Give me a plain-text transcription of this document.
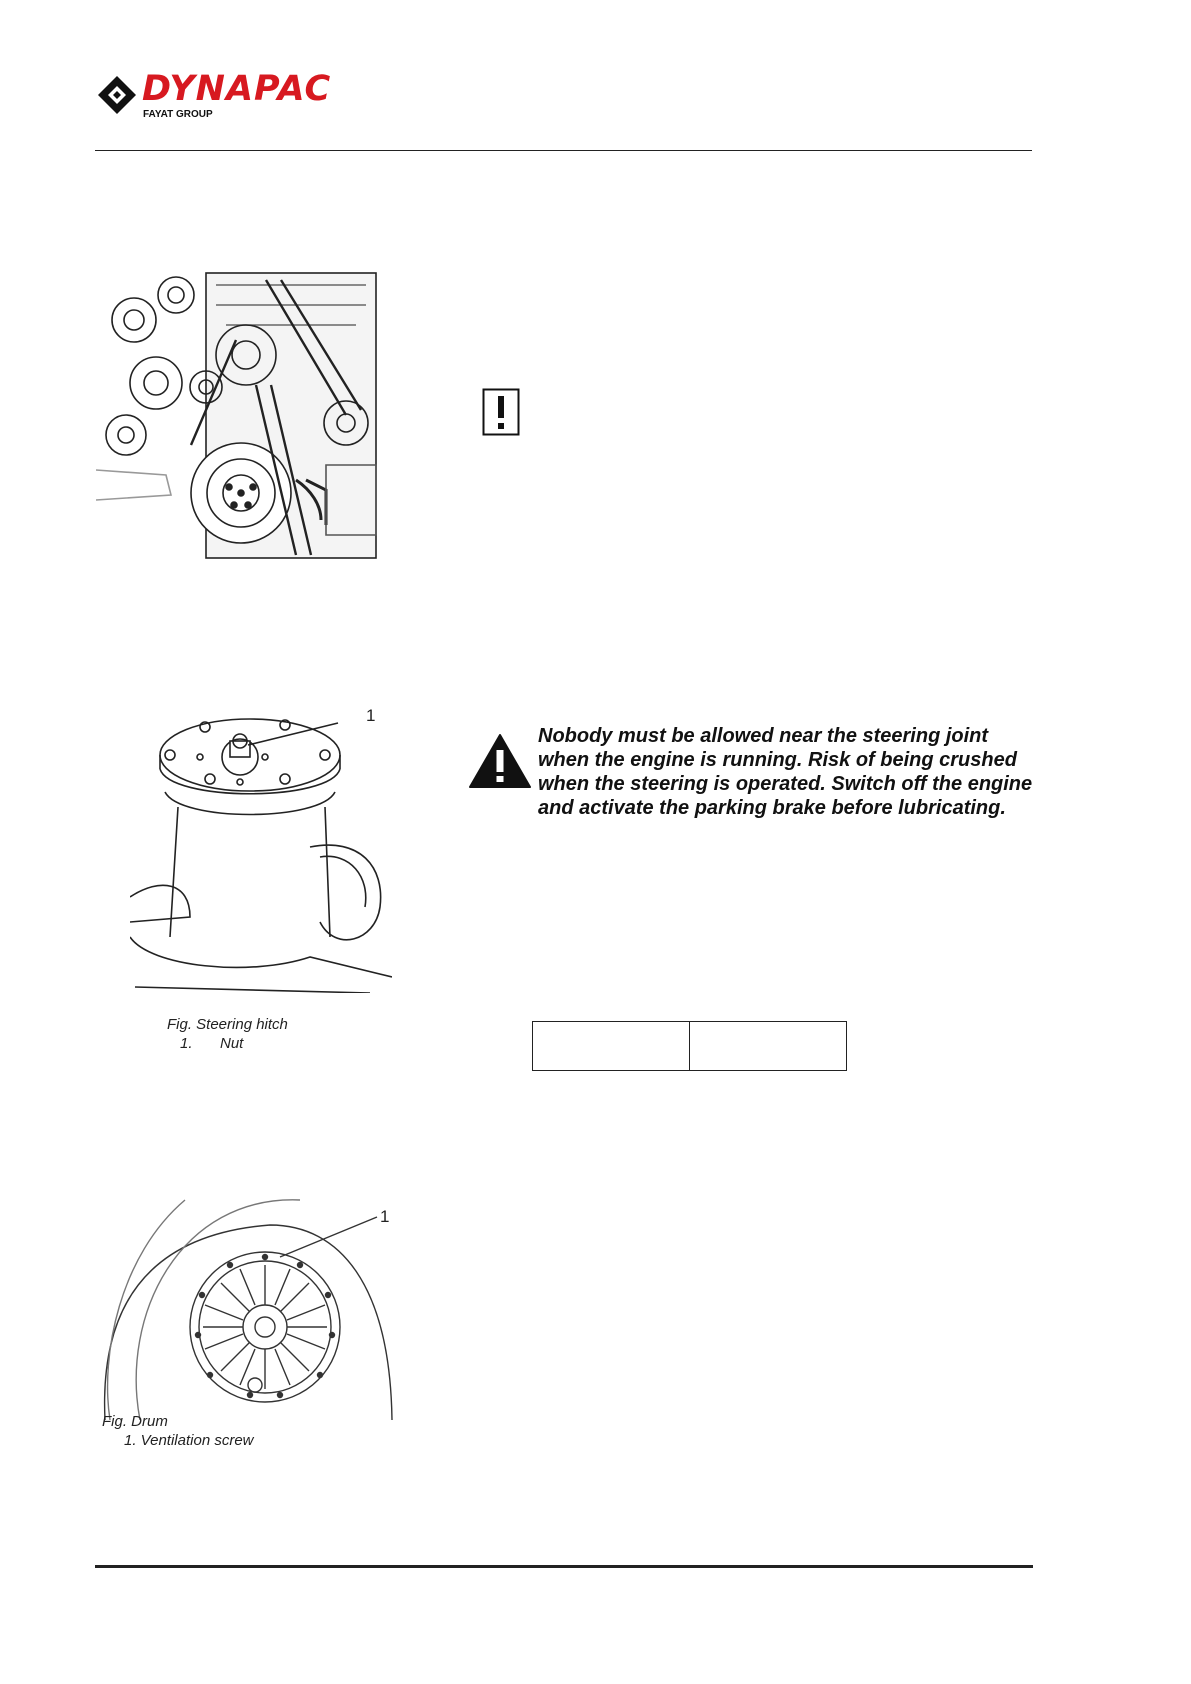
DYNAPAC
FAYAT GROUP
1
Nobody must be allowed near the steering joint when the engine is running. Risk of being crushed when the steering is operated. Switch off the engine and activate the parking brake before lubricating.
Fig. Steering hitch
1. Nut

1
Fig. Drum
1. Ventilation screw
